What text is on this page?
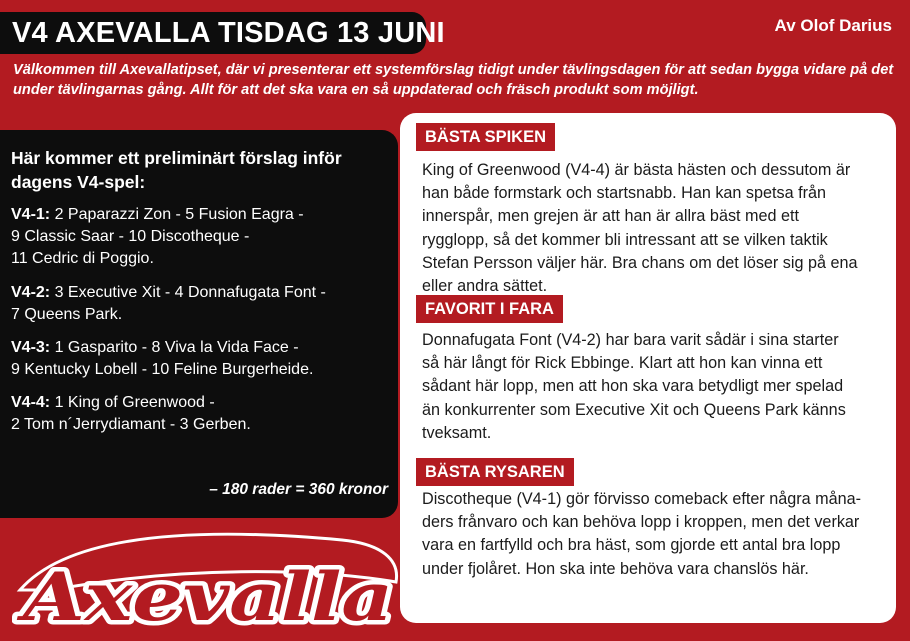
V4 AXEVALLA TISDAG 13 JUNI	Av Olof Darius

Välkommen till Axevallatipset, där vi presenterar ett systemförslag tidigt under tävlingsdagen för att sedan bygga vidare på det under tävlingarnas gång. Allt för att det ska vara en så uppdaterad och fräsch produkt som möjligt.

BÄSTA SPIKEN

King of Greenwood (V4-4) är bästa hästen och dessutom är
han både formstark och startsnabb. Han kan spetsa från
innerspår, men grejen är att han är allra bäst med ett
rygglopp, så det kommer bli intressant att se vilken taktik
Stefan Persson väljer här. Bra chans om det löser sig på ena
eller andra sättet.

FAVORIT I FARA

Donnafugata Font (V4-2) har bara varit sådär i sina starter
så här långt för Rick Ebbinge. Klart att hon kan vinna ett
sådant här lopp, men att hon ska vara betydligt mer spelad
än konkurrenter som Executive Xit och Queens Park känns
tveksamt.

BÄSTA RYSAREN

Discotheque (V4-1) gör förvisso comeback efter några måna-
ders frånvaro och kan behöva lopp i kroppen, men det verkar
vara en fartfylld och bra häst, som gjorde ett antal bra lopp
under fjolåret. Hon ska inte behöva vara chanslös här.

Här kommer ett preliminärt förslag inför dagens V4-spel:

V4-1: 2 Paparazzi Zon - 5 Fusion Eagra -
9 Classic Saar - 10 Discotheque -
11 Cedric di Poggio.

V4-2: 3 Executive Xit - 4 Donnafugata Font -
7 Queens Park.

V4-3: 1 Gasparito - 8 Viva la Vida Face -
9 Kentucky Lobell - 10 Feline Burgerheide.

V4-4: 1 King of Greenwood -
2 Tom n´Jerrydiamant - 3 Gerben.

– 180 rader = 360 kronor
Axevalla
